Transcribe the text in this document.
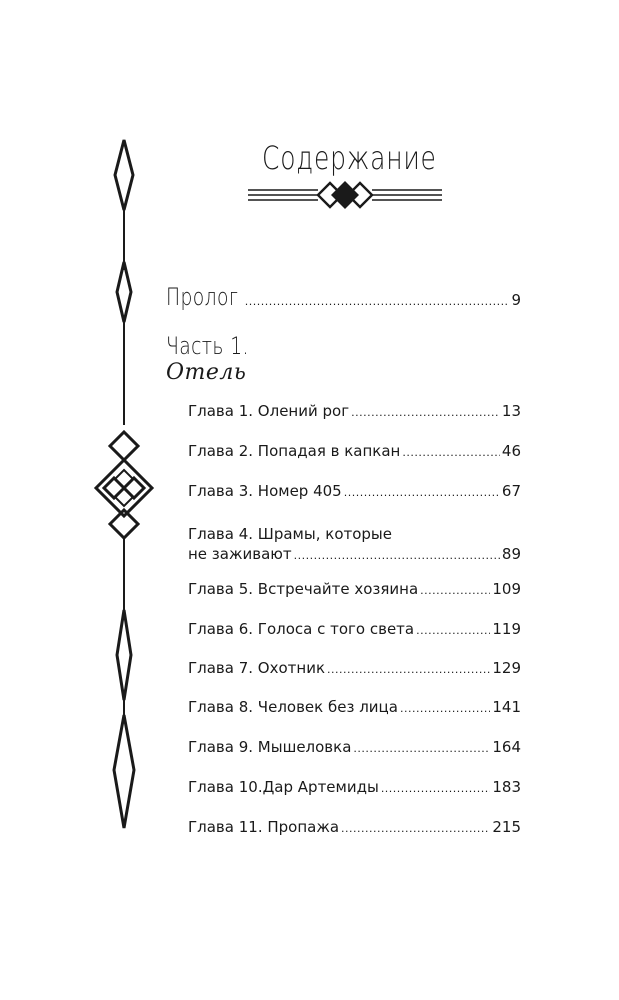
Содержание
Пролог .....	9
Часть 1.
Отель
Глава 1. Олений рог .....	13
Глава 2. Попадая в капкан .....	46
Глава 3. Номер 405 .....	67
Глава 4. Шрамы, которые
не заживают .....	89
Глава 5. Встречайте хозяина .....	109
Глава 6. Голоса с того света .....	119
Глава 7. Охотник .....	129
Глава 8. Человек без лица .....	141
Глава 9. Мышеловка .....	164
Глава 10.Дар Артемиды .....	183
Глава 11. Пропажа .....	215
